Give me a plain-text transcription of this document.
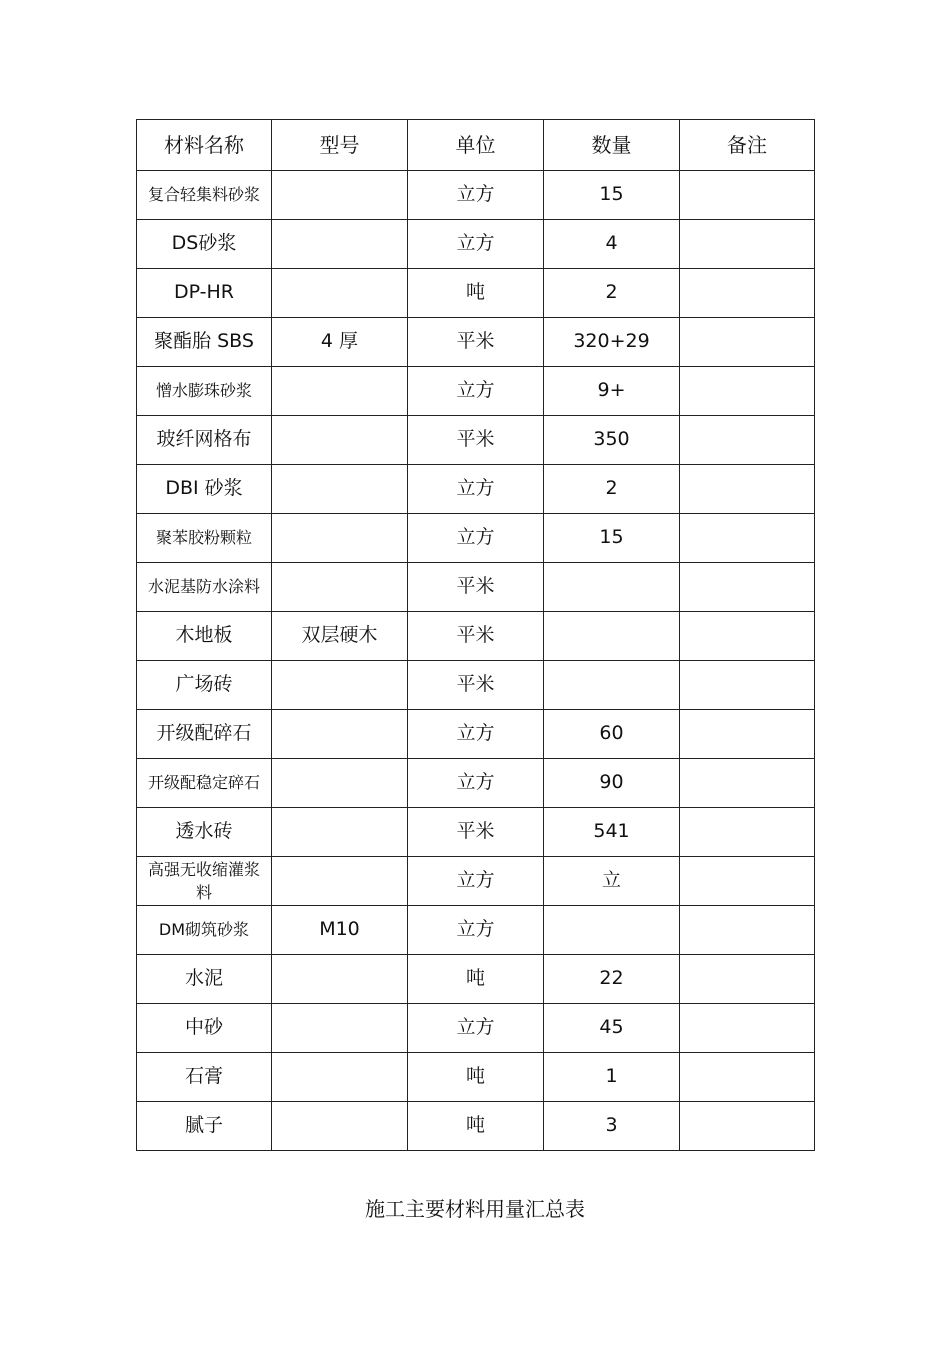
材料名称	型号	单位	数量	备注
复合轻集料砂浆		立方	15	
DS砂浆		立方	4	
DP-HR		吨	2	
聚酯胎 SBS	4 厚	平米	320+29	
憎水膨珠砂浆		立方	9+	
玻纤网格布		平米	350	
DBI 砂浆		立方	2	
聚苯胶粉颗粒		立方	15	
水泥基防水涂料		平米		
木地板	双层硬木	平米		
广场砖		平米		
开级配碎石		立方	60	
开级配稳定碎石		立方	90	
透水砖		平米	541	
高强无收缩灌浆料		立方	立	
DM砌筑砂浆	M10	立方		
水泥		吨	22	
中砂		立方	45	
石膏		吨	1	
腻子		吨	3	
施工主要材料用量汇总表
